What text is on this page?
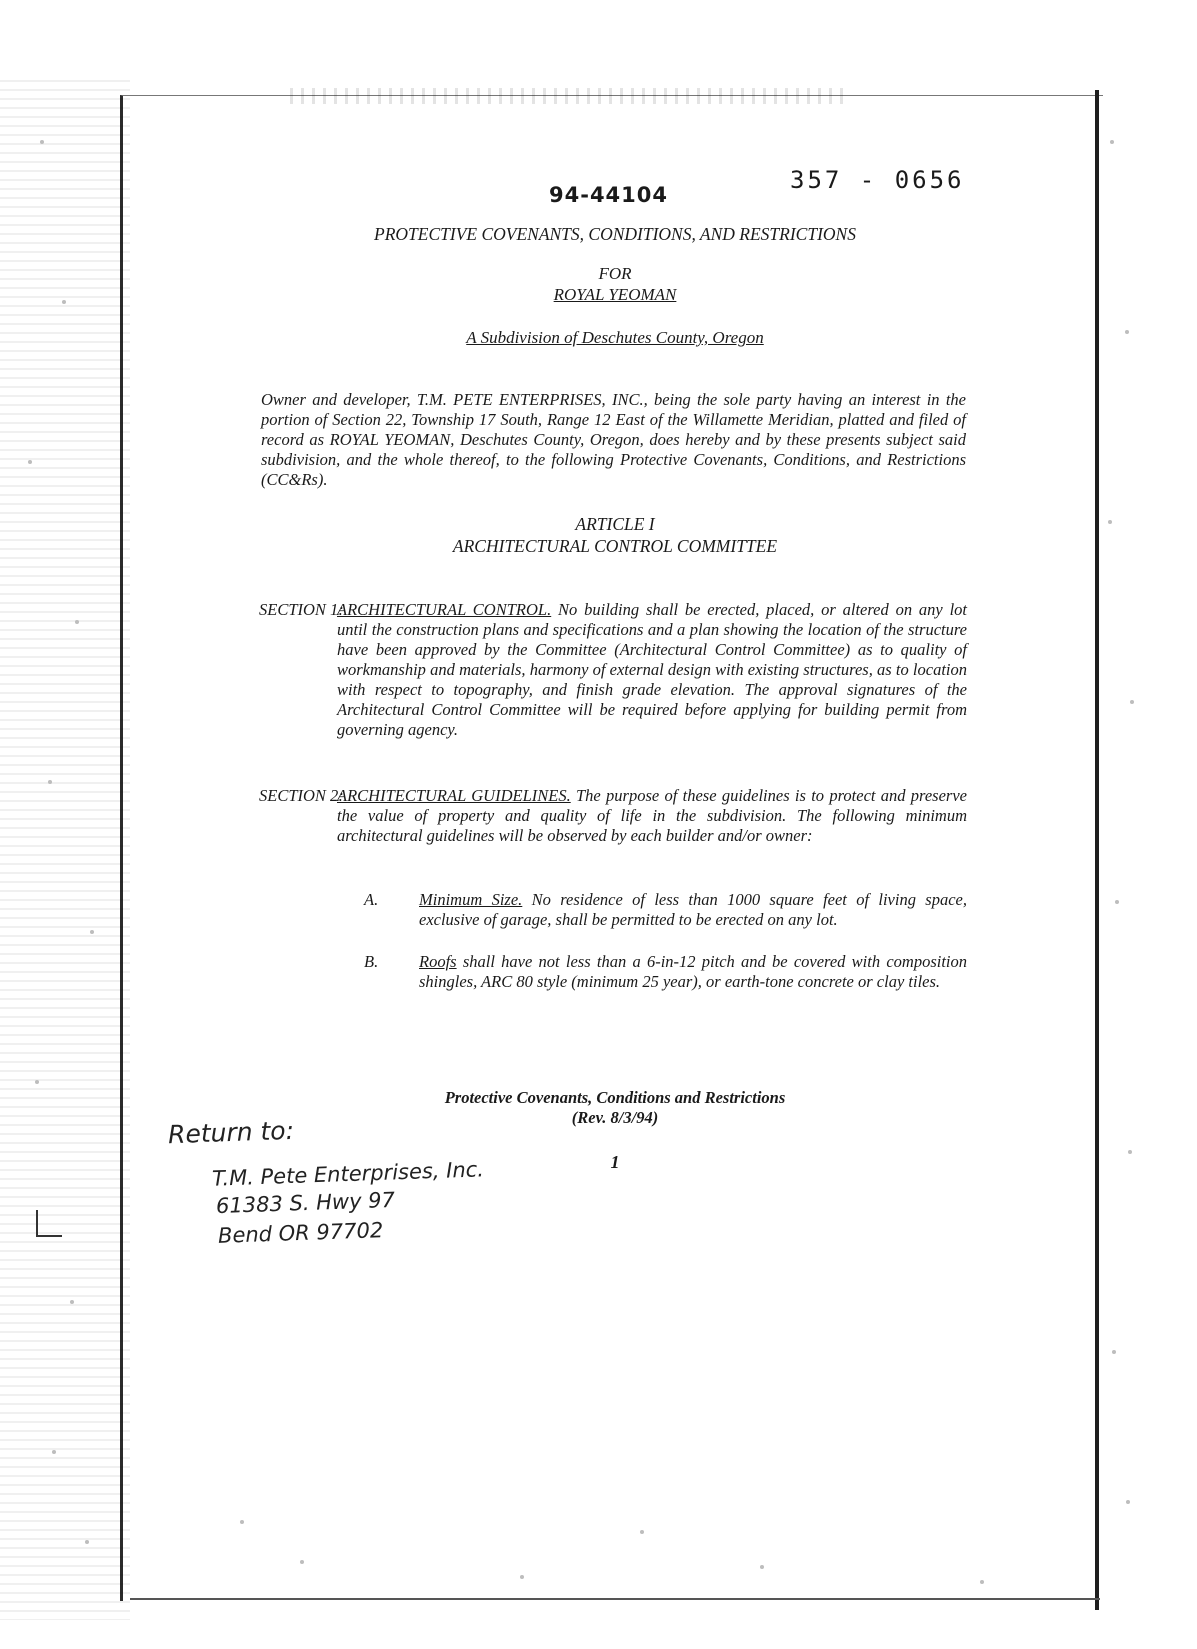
94-44104
357 - 0656
PROTECTIVE COVENANTS, CONDITIONS, AND RESTRICTIONS
FOR
ROYAL YEOMAN
A Subdivision of Deschutes County, Oregon
Owner and developer, T.M. PETE ENTERPRISES, INC., being the sole party having an interest in the portion of Section 22, Township 17 South, Range 12 East of the Willamette Meridian, platted and filed of record as ROYAL YEOMAN, Deschutes County, Oregon, does hereby and by these presents subject said subdivision, and the whole thereof, to the following Protective Covenants, Conditions, and Restrictions (CC&Rs).
ARTICLE I
ARCHITECTURAL CONTROL COMMITTEE
SECTION 1:
ARCHITECTURAL CONTROL. No building shall be erected, placed, or altered on any lot until the construction plans and specifications and a plan showing the location of the structure have been approved by the Committee (Architectural Control Committee) as to quality of workmanship and materials, harmony of external design with existing structures, as to location with respect to topography, and finish grade elevation. The approval signatures of the Architectural Control Committee will be required before applying for building permit from governing agency.
SECTION 2:
ARCHITECTURAL GUIDELINES. The purpose of these guidelines is to protect and preserve the value of property and quality of life in the subdivision. The following minimum architectural guidelines will be observed by each builder and/or owner:
A. Minimum Size. No residence of less than 1000 square feet of living space, exclusive of garage, shall be permitted to be erected on any lot.
B. Roofs shall have not less than a 6-in-12 pitch and be covered with composition shingles, ARC 80 style (minimum 25 year), or earth-tone concrete or clay tiles.
Protective Covenants, Conditions and Restrictions
(Rev. 8/3/94)
1
Return to:
T.M. Pete Enterprises, Inc.
61383 S. Hwy 97
Bend OR 97702
